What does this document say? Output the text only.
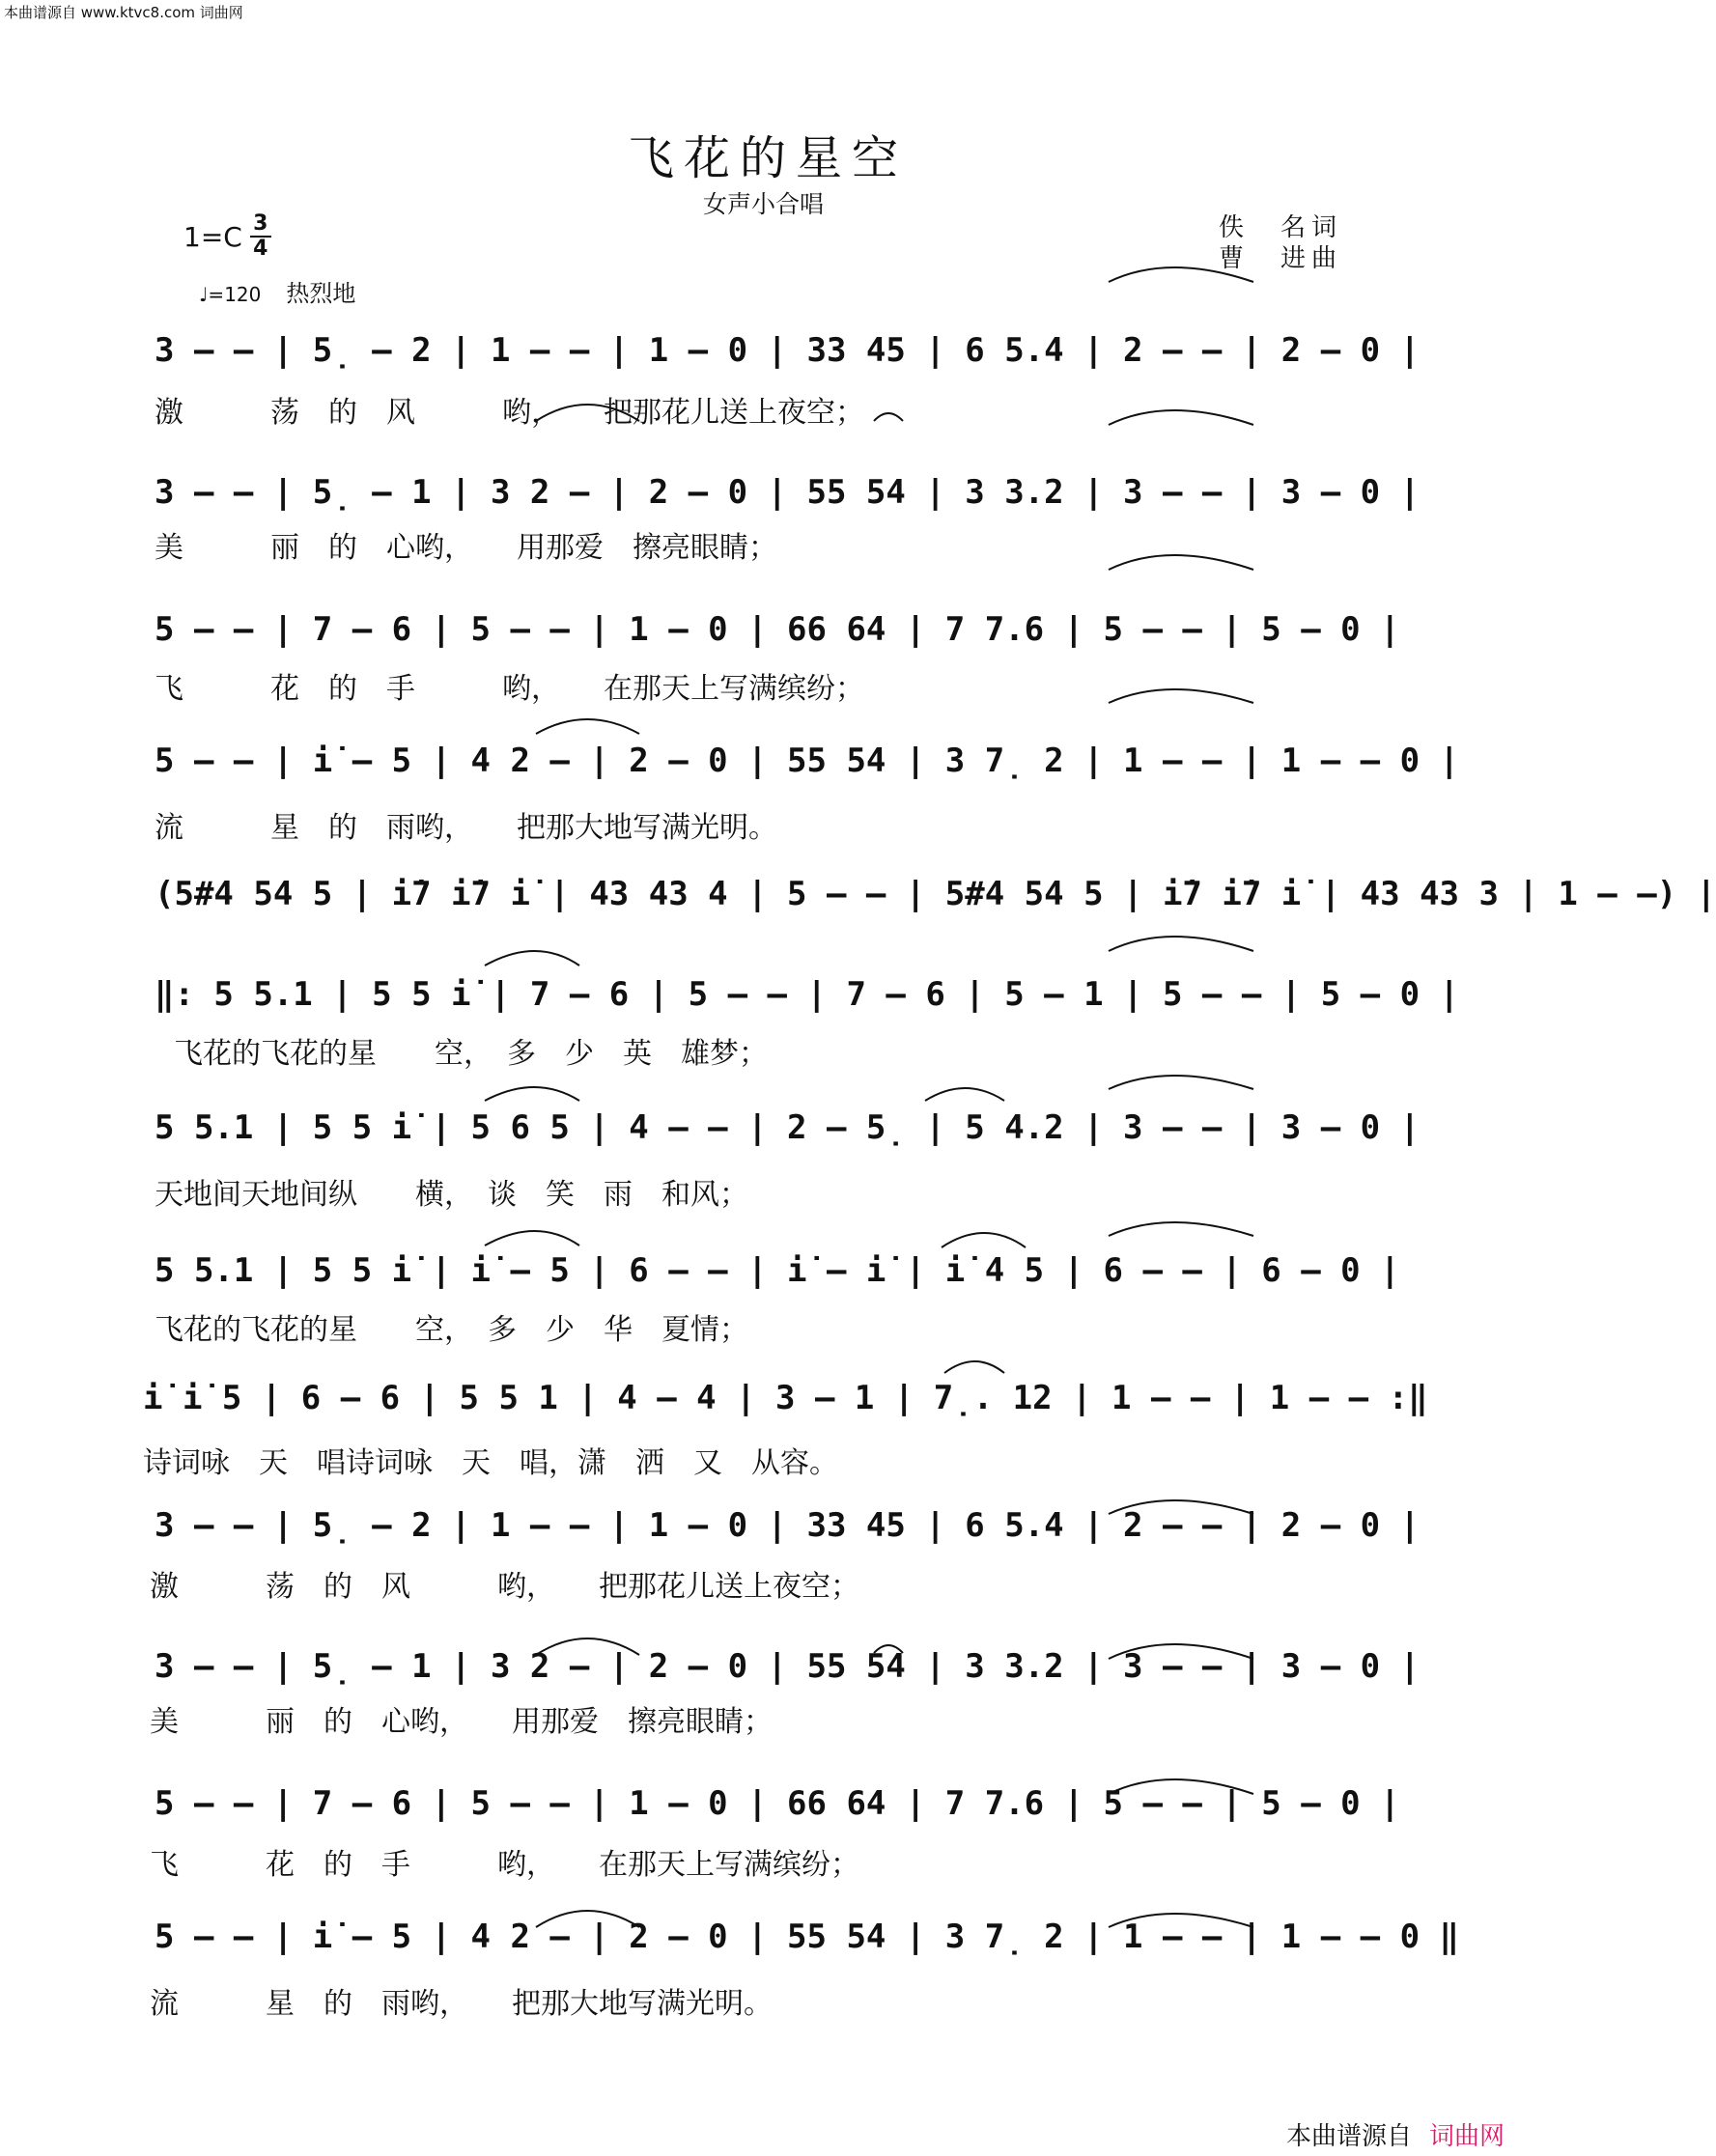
本曲谱源自 www.ktvc8.com 词曲网
飞花的星空
女声小合唱
1=C 3
4
佚　名词
曹　进曲
♩=120 热烈地
3 – – | 5̣ – 2 | 1 – – | 1 – 0 | 33 45 | 6 5.4 | 2 – – | 2 – 0 |
激　　　荡　的　风　　　哟，　　把那花儿送上夜空；
3 – – | 5̣ – 1 | 3 2 – | 2 – 0 | 55 54 | 3 3.2 | 3 – – | 3 – 0 |
美　　　丽　的　心哟，　　用那爱　擦亮眼睛；
5 – – | 7 – 6 | 5 – – | 1 – 0 | 66 64 | 7 7.6 | 5 – – | 5 – 0 |
飞　　　花　的　手　　　哟，　　在那天上写满缤纷；
5 – – | i̇ – 5 | 4 2 – | 2 – 0 | 55 54 | 3 7̣ 2 | 1 – – | 1 – – 0 |
流　　　星　的　雨哟，　　把那大地写满光明。
(5#4 54 5 | i̇7 i̇7 i̇ | 43 43 4 | 5 – – | 5#4 54 5 | i̇7 i̇7 i̇ | 43 43 3 | 1 – –) |
‖: 5 5.1 | 5 5 i̇ | 7 – 6 | 5 – – | 7 – 6 | 5 – 1 | 5 – – | 5 – 0 |
飞花的飞花的星　　空，　多　少　英　雄梦；
5 5.1 | 5 5 i̇ | 5 6 5 | 4 – – | 2 – 5̣ | 5 4.2 | 3 – – | 3 – 0 |
天地间天地间纵　　横，　谈　笑　雨　和风；
5 5.1 | 5 5 i̇ | i̇ – 5 | 6 – – | i̇ – i̇ | i̇ 4 5 | 6 – – | 6 – 0 |
飞花的飞花的星　　空，　多　少　华　夏情；
i̇ i̇ 5 | 6 – 6 | 5 5 1 | 4 – 4 | 3 – 1 | 7̣. 12 | 1 – – | 1 – – :‖
诗词咏　天　唱诗词咏　天　唱，潇　洒　又　从容。
3 – – | 5̣ – 2 | 1 – – | 1 – 0 | 33 45 | 6 5.4 | 2 – – | 2 – 0 |
激　　　荡　的　风　　　哟，　　把那花儿送上夜空；
3 – – | 5̣ – 1 | 3 2 – | 2 – 0 | 55 54 | 3 3.2 | 3 – – | 3 – 0 |
美　　　丽　的　心哟，　　用那爱　擦亮眼睛；
5 – – | 7 – 6 | 5 – – | 1 – 0 | 66 64 | 7 7.6 | 5 – – | 5 – 0 |
飞　　　花　的　手　　　哟，　　在那天上写满缤纷；
5 – – | i̇ – 5 | 4 2 – | 2 – 0 | 55 54 | 3 7̣ 2 | 1 – – | 1 – – 0 ‖
流　　　星　的　雨哟，　　把那大地写满光明。
本曲谱源自 词曲网
